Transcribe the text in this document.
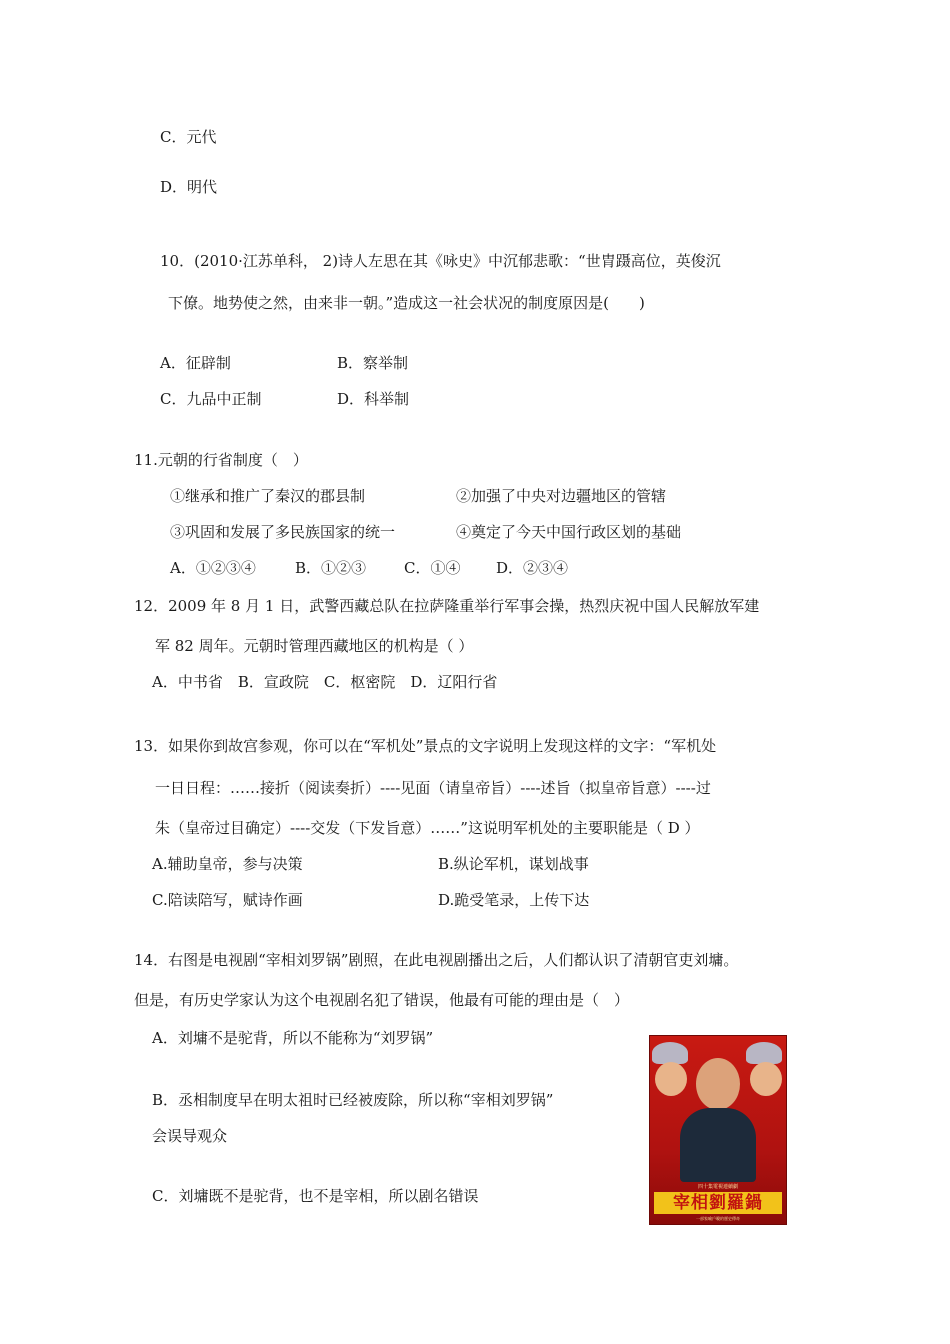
C．元代
D．明代
10．(2010·江苏单科， 2)诗人左思在其《咏史》中沉郁悲歌：“世胄蹑高位，英俊沉
下僚。地势使之然，由来非一朝。”造成这一社会状况的制度原因是(　　)
A．征辟制	B．察举制
C．九品中正制	D．科举制
11.元朝的行省制度（　）
①继承和推广了秦汉的郡县制	②加强了中央对边疆地区的管辖
③巩固和发展了多民族国家的统一	④奠定了今天中国行政区划的基础
A．①②③④	B．①②③	C．①④ D．②③④
12．2009 年 8 月 1 日，武警西藏总队在拉萨隆重举行军事会操，热烈庆祝中国人民解放军建
军 82 周年。元朝时管理西藏地区的机构是（ ）
A．中书省　B．宣政院　C．枢密院　D．辽阳行省
13．如果你到故宫参观，你可以在“军机处”景点的文字说明上发现这样的文字：“军机处
一日日程：……接折（阅读奏折）----见面（请皇帝旨）----述旨（拟皇帝旨意）----过
朱（皇帝过目确定）----交发（下发旨意）……”这说明军机处的主要职能是（ D ）
A.辅助皇帝，参与决策	B.纵论军机，谋划战事
C.陪读陪写，赋诗作画	D.跪受笔录，上传下达
14．右图是电视剧“宰相刘罗锅”剧照，在此电视剧播出之后，人们都认识了清朝官吏刘墉。
但是，有历史学家认为这个电视剧名犯了错误，他最有可能的理由是（　）
A．刘墉不是驼背，所以不能称为“刘罗锅”
B．丞相制度早在明太祖时已经被废除，所以称“宰相刘罗锅”
会误导观众
C．刘墉既不是驼背，也不是宰相，所以剧名错误	四十集電視連續劇
宰相劉羅鍋
一部家喻戶曉的歷史傳奇
